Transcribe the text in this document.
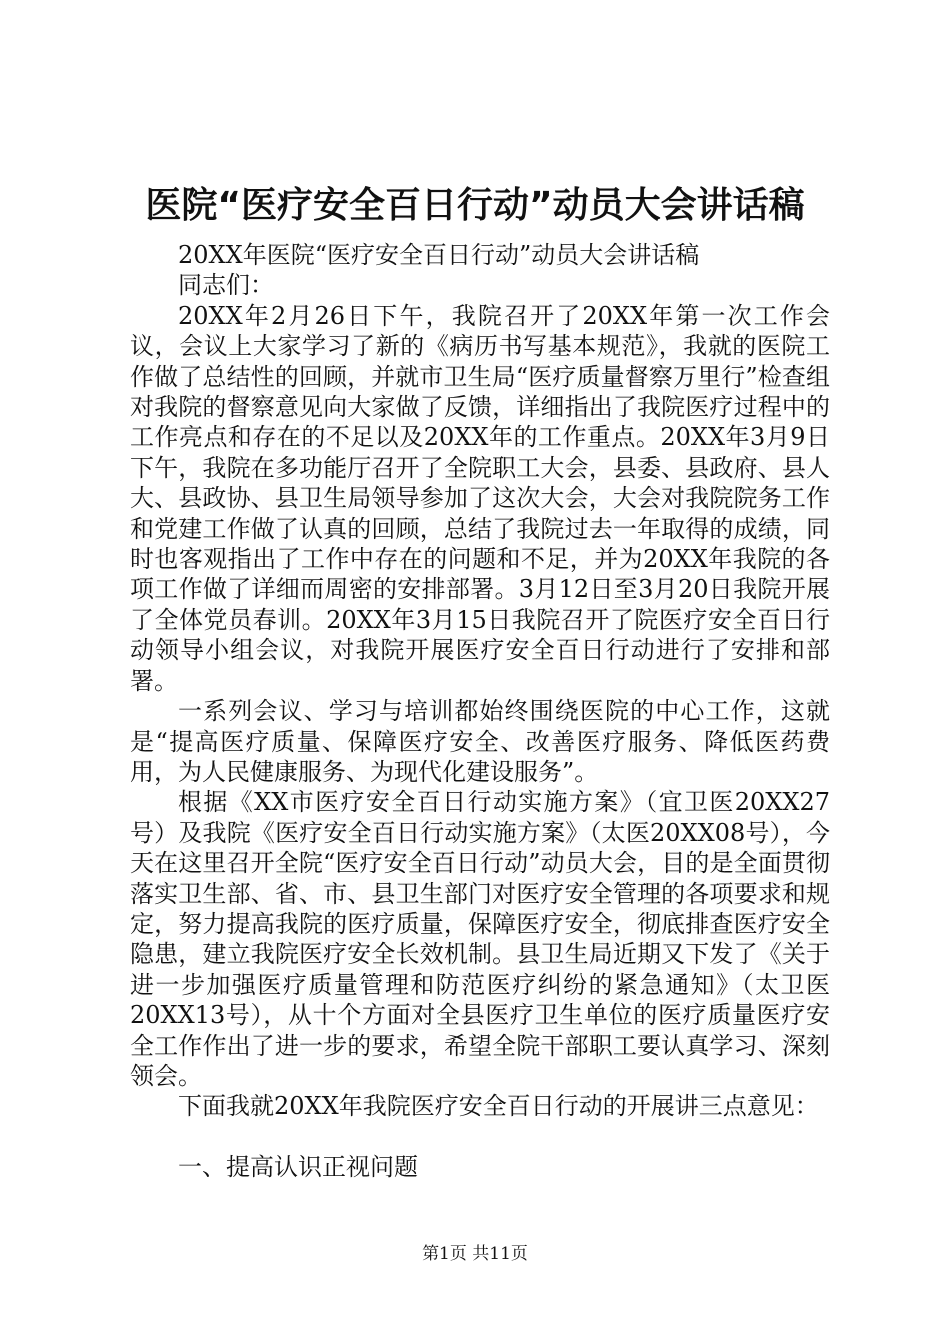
医院“医疗安全百日行动”动员大会讲话稿

20XX年医院“医疗安全百日行动”动员大会讲话稿

同志们：

20XX年2月26日下午，我院召开了20XX年第一次工作会议，会议上大家学习了新的《病历书写基本规范》，我就的医院工作做了总结性的回顾，并就市卫生局“医疗质量督察万里行”检查组对我院的督察意见向大家做了反馈，详细指出了我院医疗过程中的工作亮点和存在的不足以及20XX年的工作重点。20XX年3月9日下午，我院在多功能厅召开了全院职工大会，县委、县政府、县人大、县政协、县卫生局领导参加了这次大会，大会对我院院务工作和党建工作做了认真的回顾，总结了我院过去一年取得的成绩，同时也客观指出了工作中存在的问题和不足，并为20XX年我院的各项工作做了详细而周密的安排部署。3月12日至3月20日我院开展了全体党员春训。20XX年3月15日我院召开了院医疗安全百日行动领导小组会议，对我院开展医疗安全百日行动进行了安排和部署。

一系列会议、学习与培训都始终围绕医院的中心工作，这就是“提高医疗质量、保障医疗安全、改善医疗服务、降低医药费用，为人民健康服务、为现代化建设服务”。

根据《XX市医疗安全百日行动实施方案》（宜卫医20XX27号）及我院《医疗安全百日行动实施方案》（太医20XX08号），今天在这里召开全院“医疗安全百日行动”动员大会，目的是全面贯彻落实卫生部、省、市、县卫生部门对医疗安全管理的各项要求和规定，努力提高我院的医疗质量，保障医疗安全，彻底排查医疗安全隐患，建立我院医疗安全长效机制。县卫生局近期又下发了《关于进一步加强医疗质量管理和防范医疗纠纷的紧急通知》（太卫医20XX13号），从十个方面对全县医疗卫生单位的医疗质量医疗安全工作作出了进一步的要求，希望全院干部职工要认真学习、深刻领会。

下面我就20XX年我院医疗安全百日行动的开展讲三点意见：

一、提高认识正视问题

第1页 共11页
